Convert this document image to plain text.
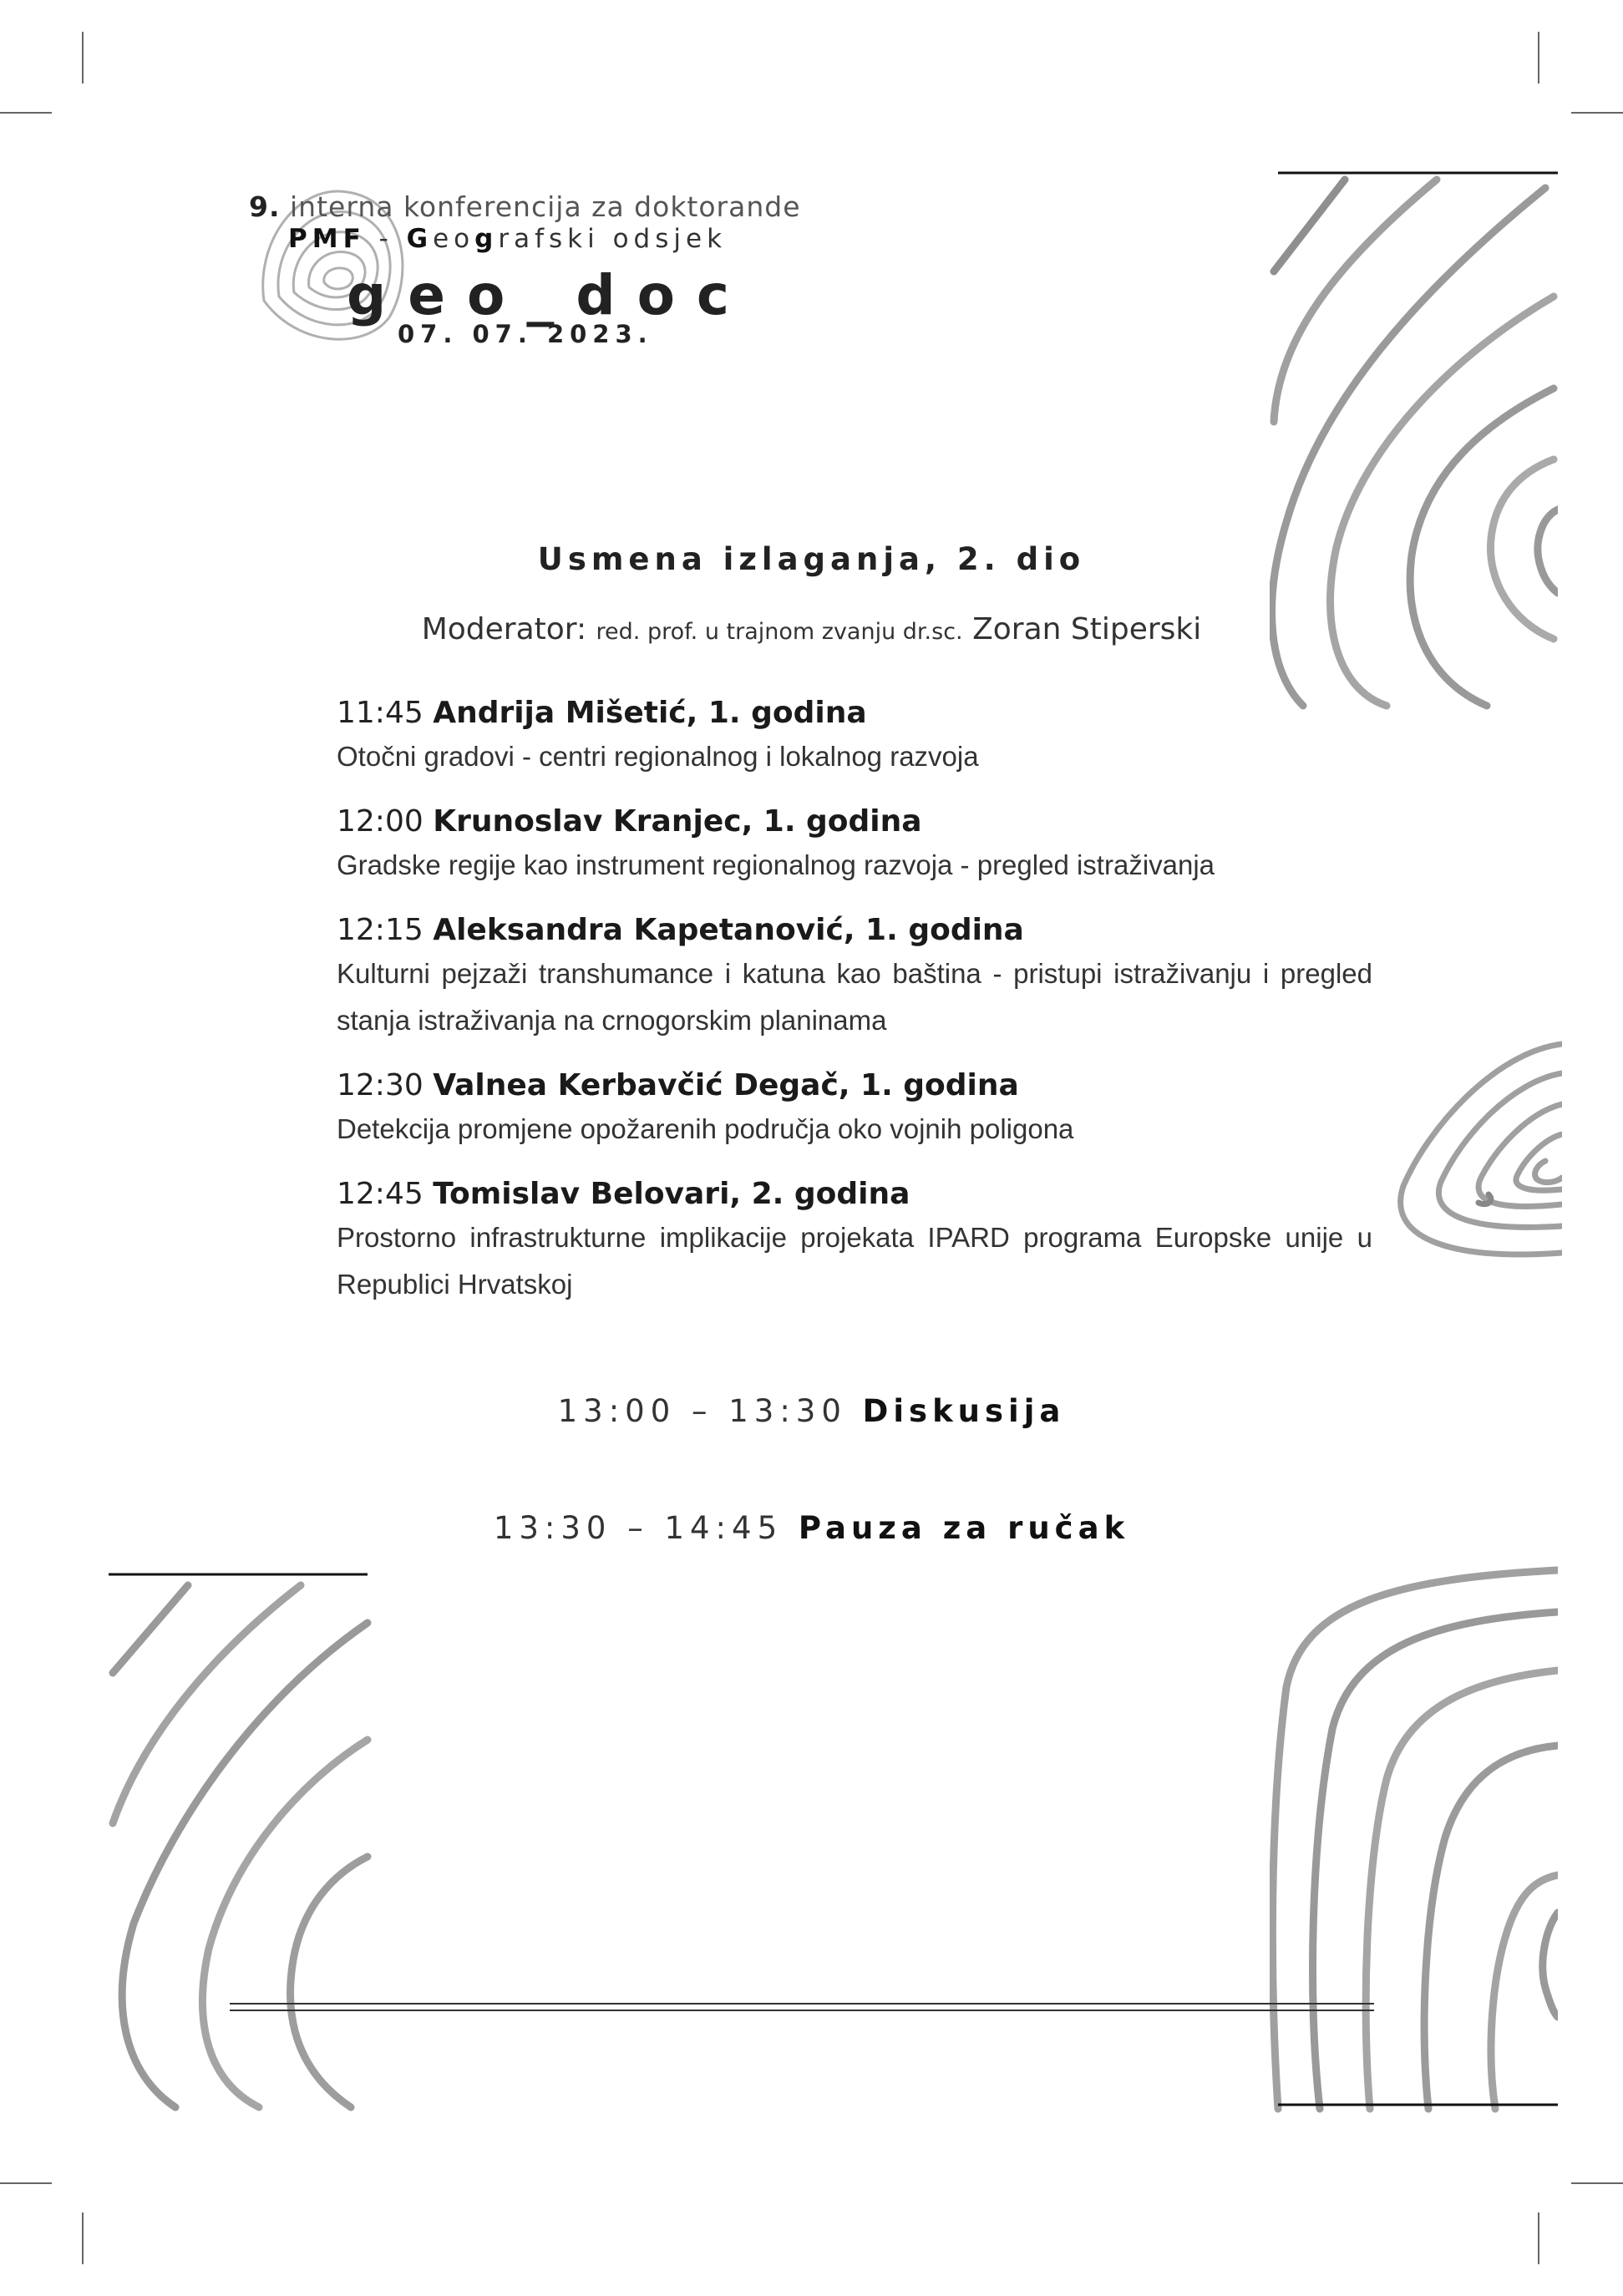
9. interna konferencija za doktorande
PMF - Geografski odsjek
geo_doc
07. 07. 2023.
Usmena izlaganja, 2. dio
Moderator: red. prof. u trajnom zvanju dr.sc. Zoran Stiperski
11:45 Andrija Mišetić, 1. godina
Otočni gradovi - centri regionalnog i lokalnog razvoja
12:00 Krunoslav Kranjec, 1. godina
Gradske regije kao instrument regionalnog razvoja - pregled istraživanja
12:15 Aleksandra Kapetanović, 1. godina
Kulturni pejzaži transhumance i katuna kao baština - pristupi istraživanju i pregled stanja istraživanja na crnogorskim planinama
12:30 Valnea Kerbavčić Degač, 1. godina
Detekcija promjene opožarenih područja oko vojnih poligona
12:45 Tomislav Belovari, 2. godina
Prostorno infrastrukturne implikacije projekata IPARD programa Europske unije u Republici Hrvatskoj
13:00 – 13:30 Diskusija
13:30 – 14:45 Pauza za ručak
